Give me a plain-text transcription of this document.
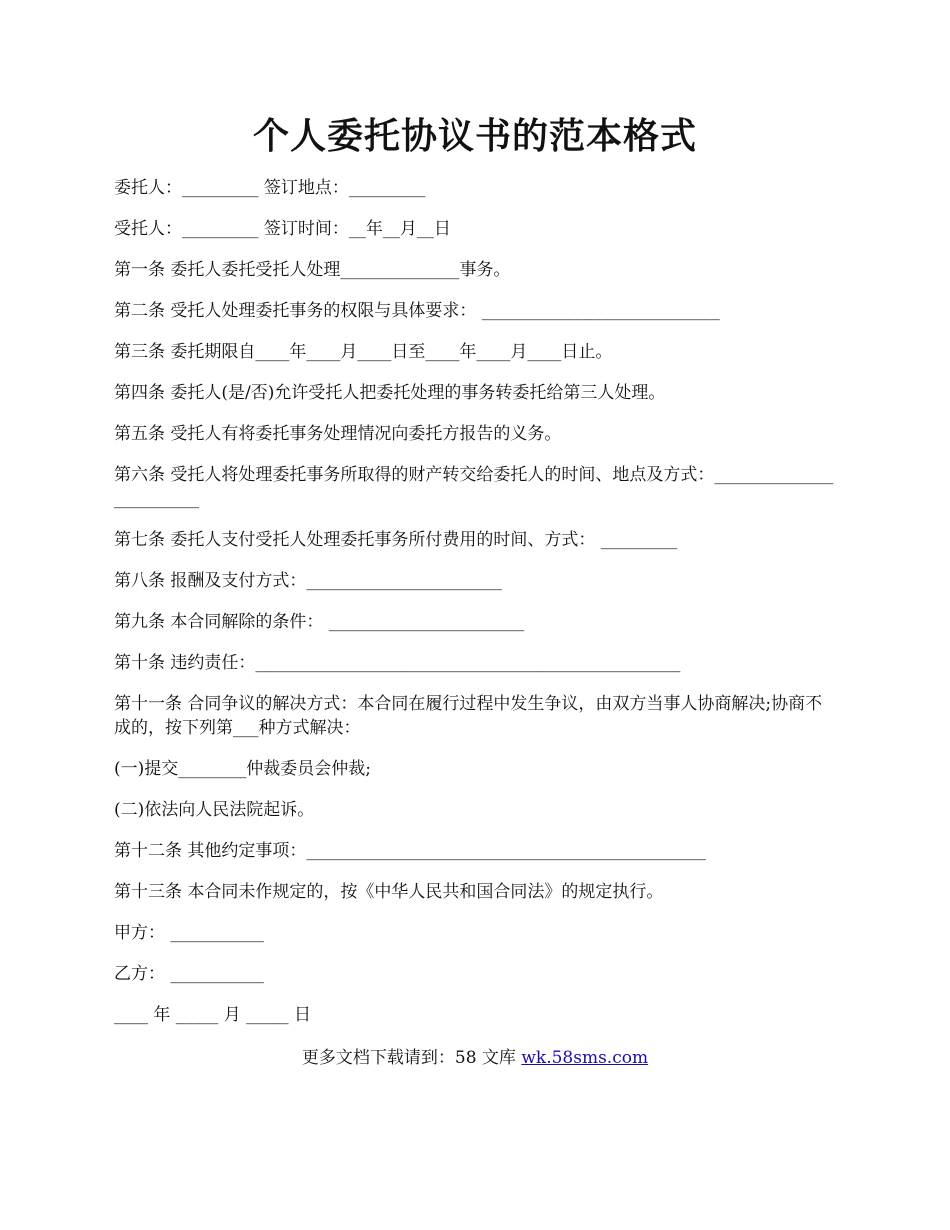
个人委托协议书的范本格式

委托人：_________ 签订地点：_________

受托人：_________ 签订时间：__年__月__日

第一条 委托人委托受托人处理______________事务。

第二条 受托人处理委托事务的权限与具体要求： ____________________________

第三条 委托期限自____年____月____日至____年____月____日止。

第四条 委托人(是/否)允许受托人把委托处理的事务转委托给第三人处理。

第五条 受托人有将委托事务处理情况向委托方报告的义务。

第六条 受托人将处理委托事务所取得的财产转交给委托人的时间、地点及方式：________________________

第七条 委托人支付受托人处理委托事务所付费用的时间、方式： _________

第八条 报酬及支付方式：_______________________

第九条 本合同解除的条件： _______________________

第十条 违约责任：__________________________________________________

第十一条 合同争议的解决方式：本合同在履行过程中发生争议，由双方当事人协商解决;协商不成的，按下列第___种方式解决：

(一)提交________仲裁委员会仲裁;

(二)依法向人民法院起诉。

第十二条 其他约定事项：_______________________________________________

第十三条 本合同未作规定的，按《中华人民共和国合同法》的规定执行。

甲方： ___________

乙方： ___________

____ 年 _____ 月 _____ 日

更多文档下载请到：58 文库 wk.58sms.com
